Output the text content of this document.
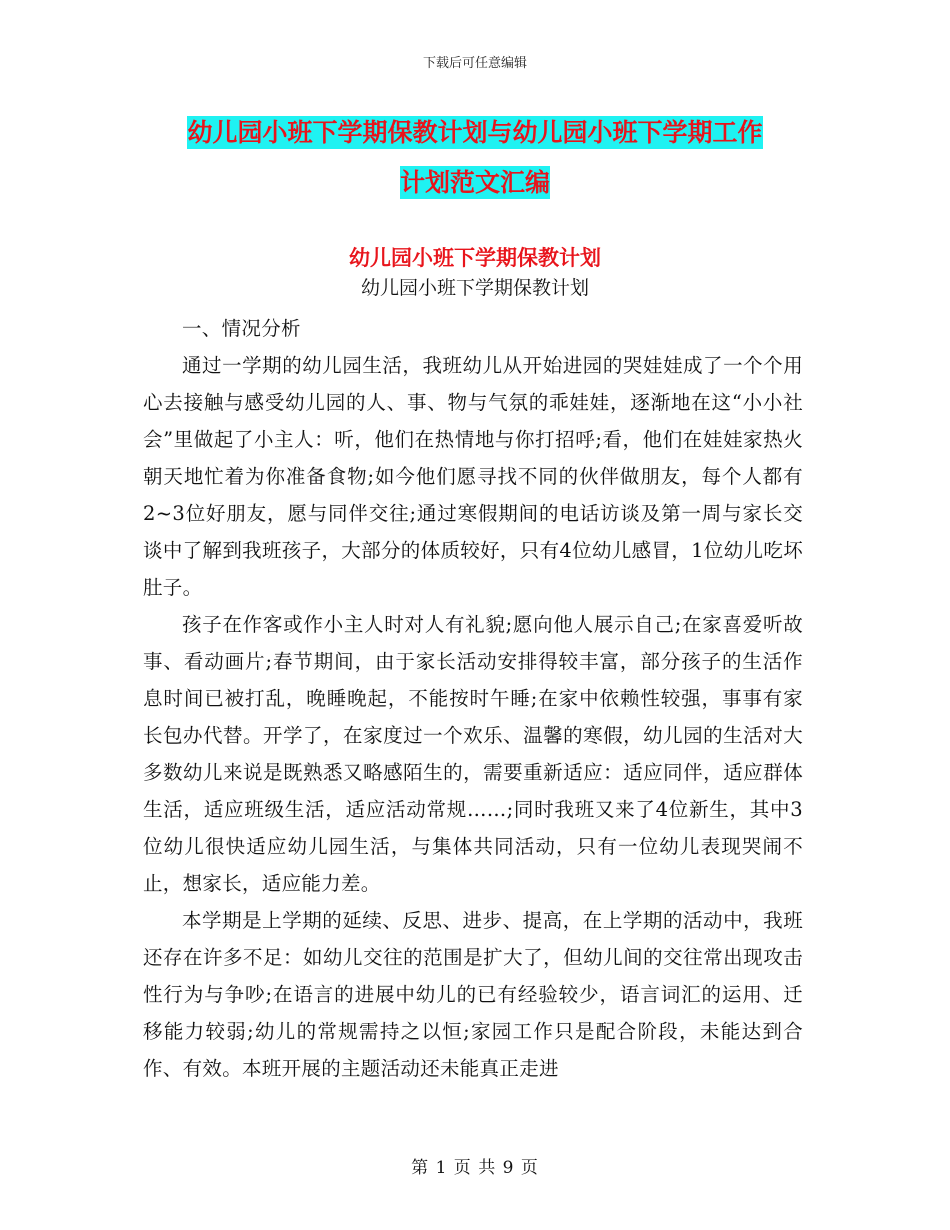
下载后可任意编辑
幼儿园小班下学期保教计划与幼儿园小班下学期工作
计划范文汇编
幼儿园小班下学期保教计划
幼儿园小班下学期保教计划

一、情况分析

通过一学期的幼儿园生活，我班幼儿从开始进园的哭娃娃成了一个个用心去接触与感受幼儿园的人、事、物与气氛的乖娃娃，逐渐地在这“小小社会”里做起了小主人：听，他们在热情地与你打招呼;看，他们在娃娃家热火朝天地忙着为你准备食物;如今他们愿寻找不同的伙伴做朋友，每个人都有2~3位好朋友，愿与同伴交往;通过寒假期间的电话访谈及第一周与家长交谈中了解到我班孩子，大部分的体质较好，只有4位幼儿感冒，1位幼儿吃坏肚子。

孩子在作客或作小主人时对人有礼貌;愿向他人展示自己;在家喜爱听故事、看动画片;春节期间，由于家长活动安排得较丰富，部分孩子的生活作息时间已被打乱，晚睡晚起，不能按时午睡;在家中依赖性较强，事事有家长包办代替。开学了，在家度过一个欢乐、温馨的寒假，幼儿园的生活对大多数幼儿来说是既熟悉又略感陌生的，需要重新适应：适应同伴，适应群体生活，适应班级生活，适应活动常规……;同时我班又来了4位新生，其中3位幼儿很快适应幼儿园生活，与集体共同活动，只有一位幼儿表现哭闹不止，想家长，适应能力差。

本学期是上学期的延续、反思、进步、提高，在上学期的活动中，我班还存在许多不足：如幼儿交往的范围是扩大了，但幼儿间的交往常出现攻击性行为与争吵;在语言的进展中幼儿的已有经验较少，语言词汇的运用、迁移能力较弱;幼儿的常规需持之以恒;家园工作只是配合阶段，未能达到合作、有效。本班开展的主题活动还未能真正走进

第 1 页 共 9 页
